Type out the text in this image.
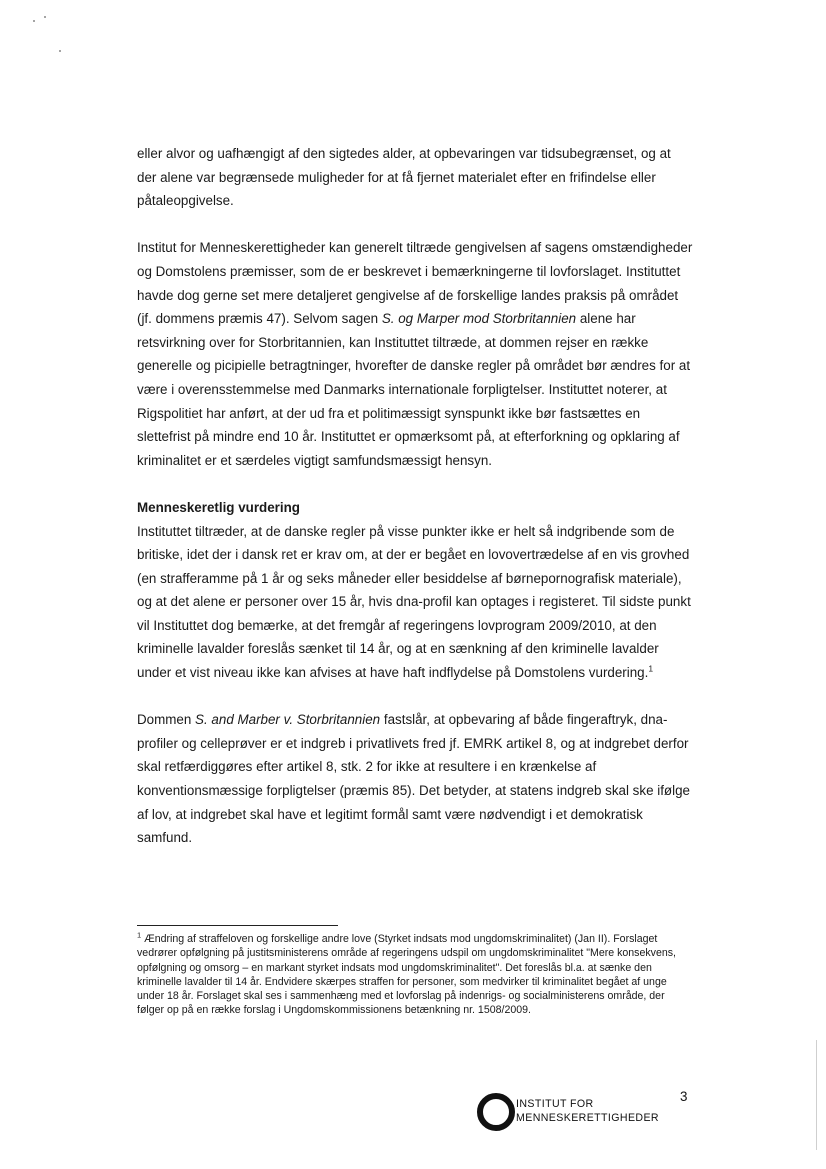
eller alvor og uafhængigt af den sigtedes alder, at opbevaringen var tidsubegrænset, og at der alene var begrænsede muligheder for at få fjernet materialet efter en frifindelse eller påtaleopgivelse.

Institut for Menneskerettigheder kan generelt tiltræde gengivelsen af sagens omstændigheder og Domstolens præmisser, som de er beskrevet i bemærkningerne til lovforslaget. Instituttet havde dog gerne set mere detaljeret gengivelse af de forskellige landes praksis på området (jf. dommens præmis 47). Selvom sagen S. og Marper mod Storbritannien alene har retsvirkning over for Storbritannien, kan Instituttet tiltræde, at dommen rejser en række generelle og picipielle betragtninger, hvorefter de danske regler på området bør ændres for at være i overensstemmelse med Danmarks internationale forpligtelser. Instituttet noterer, at Rigspolitiet har anført, at der ud fra et politimæssigt synspunkt ikke bør fastsættes en slettefrist på mindre end 10 år. Instituttet er opmærksomt på, at efterforkning og opklaring af kriminalitet er et særdeles vigtigt samfundsmæssigt hensyn.

Menneskeretlig vurdering

Instituttet tiltræder, at de danske regler på visse punkter ikke er helt så indgribende som de britiske, idet der i dansk ret er krav om, at der er begået en lovovertrædelse af en vis grovhed (en strafferamme på 1 år og seks måneder eller besiddelse af børnepornografisk materiale), og at det alene er personer over 15 år, hvis dna-profil kan optages i registeret. Til sidste punkt vil Instituttet dog bemærke, at det fremgår af regeringens lovprogram 2009/2010, at den kriminelle lavalder foreslås sænket til 14 år, og at en sænkning af den kriminelle lavalder under et vist niveau ikke kan afvises at have haft indflydelse på Domstolens vurdering.$^1$

Dommen S. and Marber v. Storbritannien fastslår, at opbevaring af både fingeraftryk, dna-profiler og celleprøver er et indgreb i privatlivets fred jf. EMRK artikel 8, og at indgrebet derfor skal retfærdiggøres efter artikel 8, stk. 2 for ikke at resultere i en krænkelse af konventionsmæssige forpligtelser (præmis 85). Det betyder, at statens indgreb skal ske ifølge af lov, at indgrebet skal have et legitimt formål samt være nødvendigt i et demokratisk samfund.

$^1$ Ændring af straffeloven og forskellige andre love (Styrket indsats mod ungdomskriminalitet) (Jan II). Forslaget vedrører opfølgning på justitsministerens område af regeringens udspil om ungdomskriminalitet "Mere konsekvens, opfølgning og omsorg – en markant styrket indsats mod ungdomskriminalitet". Det foreslås bl.a. at sænke den kriminelle lavalder til 14 år. Endvidere skærpes straffen for personer, som medvirker til kriminalitet begået af unge under 18 år. Forslaget skal ses i sammenhæng med et lovforslag på indenrigs- og socialministerens område, der følger op på en række forslag i Ungdomskommissionens betænkning nr. 1508/2009.
INSTITUT FOR
MENNESKERETTIGHEDER
3
